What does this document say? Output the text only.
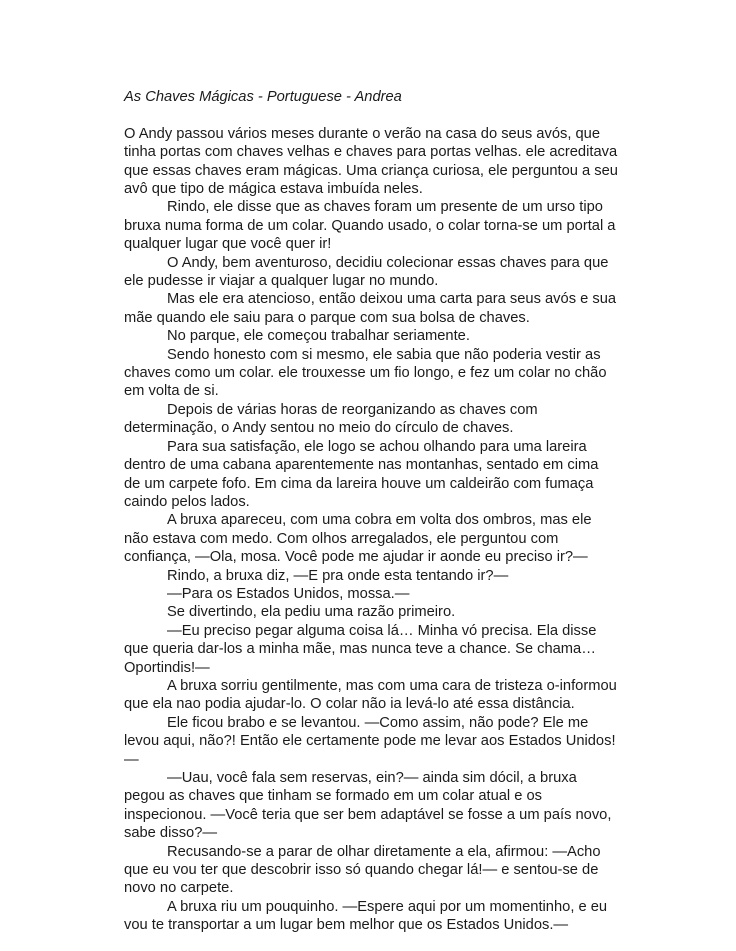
As Chaves Mágicas - Portuguese - Andrea

O Andy passou vários meses durante o verão na casa do seus avós, que tinha portas com chaves velhas e chaves para portas velhas. ele acreditava que essas chaves eram mágicas. Uma criança curiosa, ele perguntou a seu avô que tipo de mágica estava imbuída neles.

Rindo, ele disse que as chaves foram um presente de um urso tipo bruxa numa forma de um colar. Quando usado, o colar torna-se um portal a qualquer lugar que você quer ir!

O Andy, bem aventuroso, decidiu colecionar essas chaves para que ele pudesse ir viajar a qualquer lugar no mundo.

Mas ele era atencioso, então deixou uma carta para seus avós e sua mãe quando ele saiu para o parque com sua bolsa de chaves.

No parque, ele começou trabalhar seriamente.

Sendo honesto com si mesmo, ele sabia que não poderia vestir as chaves como um colar. ele trouxesse um fio longo, e fez um colar no chão em volta de si.

Depois de várias horas de reorganizando as chaves com determinação, o Andy sentou no meio do círculo de chaves.

Para sua satisfação, ele logo se achou olhando para uma lareira dentro de uma cabana aparentemente nas montanhas, sentado em cima de um carpete fofo. Em cima da lareira houve um caldeirão com fumaça caindo pelos lados.

A bruxa apareceu, com uma cobra em volta dos ombros, mas ele não estava com medo. Com olhos arregalados, ele perguntou com confiança, —Ola, mosa. Você pode me ajudar ir aonde eu preciso ir?—

Rindo, a bruxa diz, —E pra onde esta tentando ir?—

—Para os Estados Unidos, mossa.—

Se divertindo, ela pediu uma razão primeiro.

—Eu preciso pegar alguma coisa lá… Minha vó precisa. Ela disse que queria dar-los a minha mãe, mas nunca teve a chance. Se chama… Oportindis!—

A bruxa sorriu gentilmente, mas com uma cara de tristeza o-informou que ela nao podia ajudar-lo. O colar não ia levá-lo até essa distância.

Ele ficou brabo e se levantou. —Como assim, não pode? Ele me levou aqui, não?! Então ele certamente pode me levar aos Estados Unidos!—

—Uau, você fala sem reservas, ein?— ainda sim dócil, a bruxa pegou as chaves que tinham se formado em um colar atual e os inspecionou. —Você teria que ser bem adaptável se fosse a um país novo, sabe disso?—

Recusando-se a parar de olhar diretamente a ela, afirmou: —Acho que eu vou ter que descobrir isso só quando chegar lá!— e sentou-se de novo no carpete.

A bruxa riu um pouquinho. —Espere aqui por um momentinho, e eu vou te transportar a um lugar bem melhor que os Estados Unidos.—
